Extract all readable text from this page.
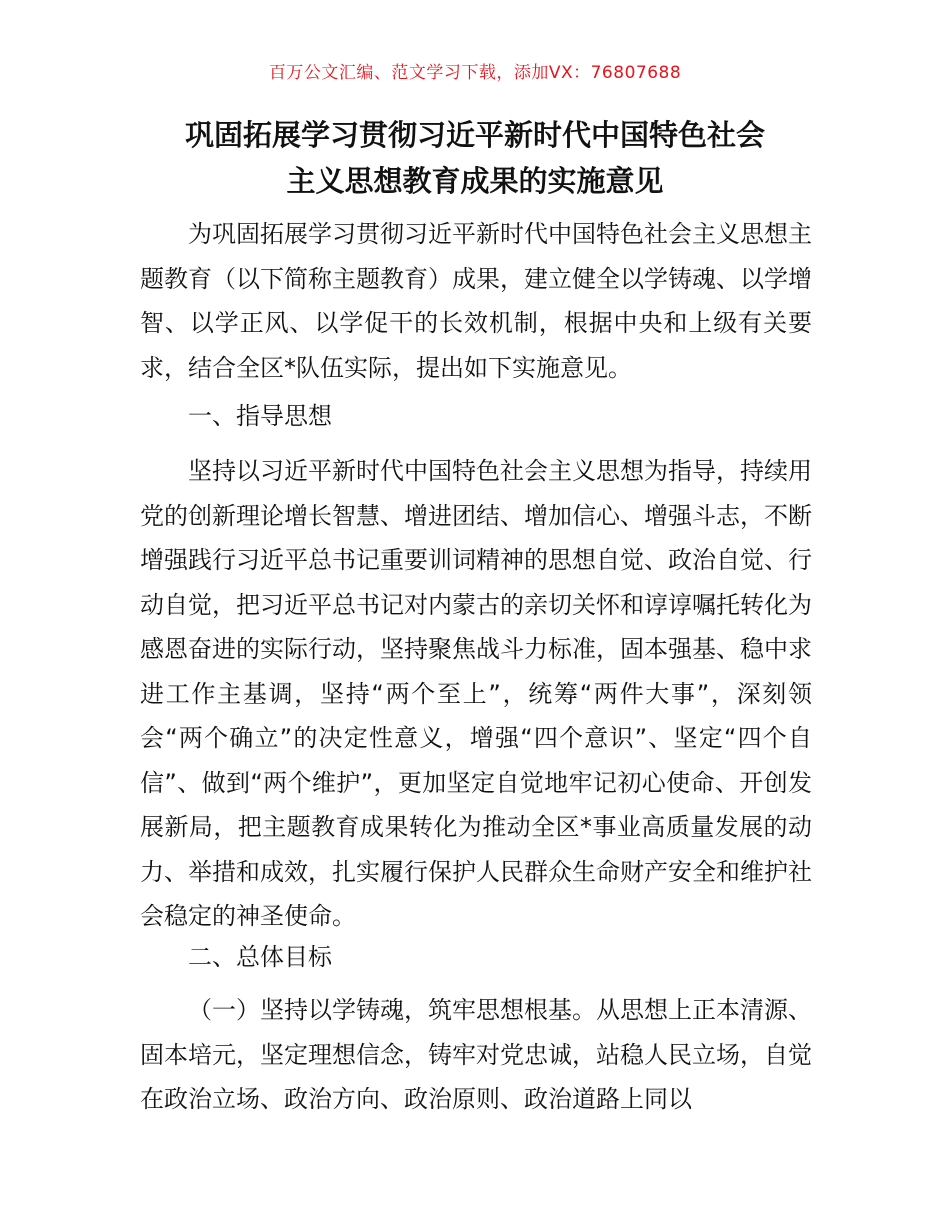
百万公文汇编、范文学习下载，添加VX：76807688
巩固拓展学习贯彻习近平新时代中国特色社会
主义思想教育成果的实施意见

为巩固拓展学习贯彻习近平新时代中国特色社会主义思想主题教育（以下简称主题教育）成果，建立健全以学铸魂、以学增智、以学正风、以学促干的长效机制，根据中央和上级有关要求，结合全区*队伍实际，提出如下实施意见。

一、指导思想

坚持以习近平新时代中国特色社会主义思想为指导，持续用党的创新理论增长智慧、增进团结、增加信心、增强斗志，不断增强践行习近平总书记重要训词精神的思想自觉、政治自觉、行动自觉，把习近平总书记对内蒙古的亲切关怀和谆谆嘱托转化为感恩奋进的实际行动，坚持聚焦战斗力标准，固本强基、稳中求进工作主基调，坚持“两个至上”，统筹“两件大事”，深刻领会“两个确立”的决定性意义，增强“四个意识”、坚定“四个自信”、做到“两个维护”，更加坚定自觉地牢记初心使命、开创发展新局，把主题教育成果转化为推动全区*事业高质量发展的动力、举措和成效，扎实履行保护人民群众生命财产安全和维护社会稳定的神圣使命。

二、总体目标

（一）坚持以学铸魂，筑牢思想根基。从思想上正本清源、固本培元，坚定理想信念，铸牢对党忠诚，站稳人民立场，自觉在政治立场、政治方向、政治原则、政治道路上同以
